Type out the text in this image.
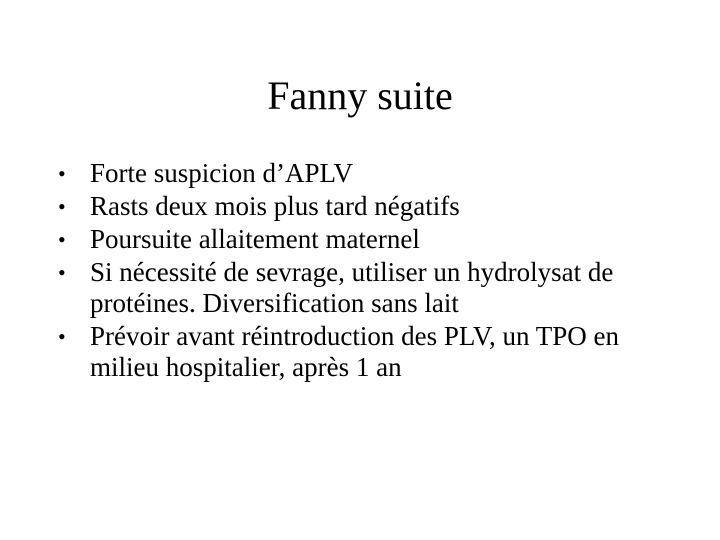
Fanny suite
• Forte suspicion d’APLV
• Rasts deux mois plus tard négatifs
• Poursuite allaitement maternel
• Si nécessité de sevrage, utiliser un hydrolysat de protéines. Diversification sans lait
• Prévoir avant réintroduction des PLV, un TPO en milieu hospitalier, après 1 an
